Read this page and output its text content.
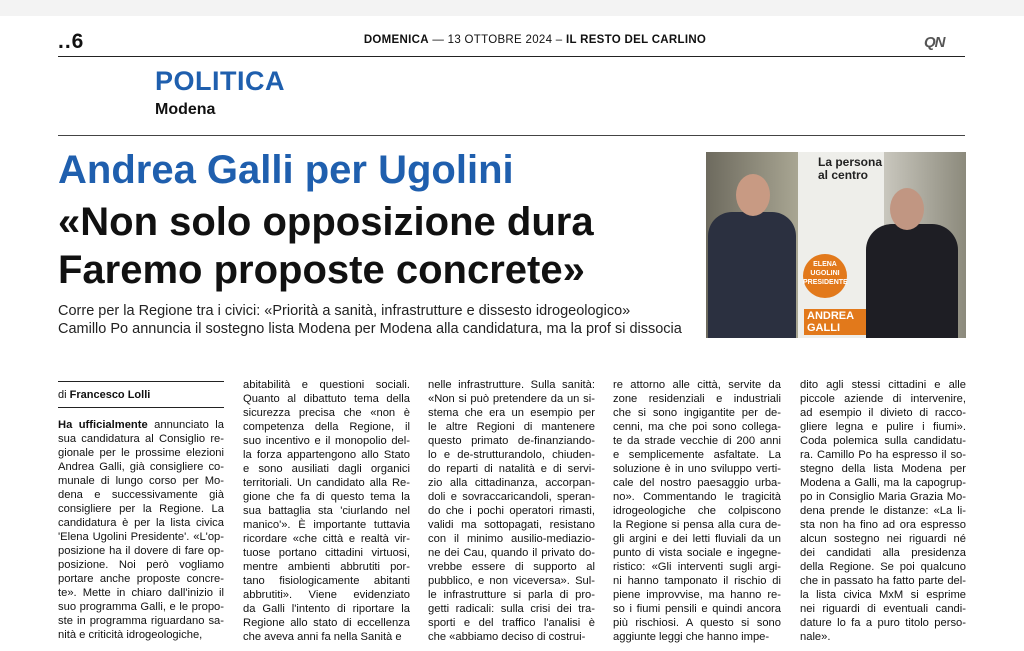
..6	DOMENICA — 13 OTTOBRE 2024 – IL RESTO DEL CARLINO	QN
POLITICA
Modena
Andrea Galli per Ugolini
«Non solo opposizione dura
Faremo proposte concrete»
Corre per la Regione tra i civici: «Priorità a sanità, infrastrutture e dissesto idrogeologico»
Camillo Po annuncia il sostegno lista Modena per Modena alla candidatura, ma la prof si dissocia
La persona
al centro
ELENA
UGOLINI
PRESIDENTE
ANDREA
GALLI
di Francesco Lolli
Ha ufficialmente annunciato la
sua candidatura al Consiglio re-
gionale per le prossime elezioni
Andrea Galli, già consigliere co-
munale di lungo corso per Mo-
dena e successivamente già
consigliere per la Regione. La
candidatura è per la lista civica
'Elena Ugolini Presidente'. «L'op-
posizione ha il dovere di fare op-
posizione. Noi però vogliamo
portare anche proposte concre-
te». Mette in chiaro dall'inizio il
suo programma Galli, e le propo-
ste in programma riguardano sa-
nità e criticità idrogeologiche,
abitabilità e questioni sociali.
Quanto al dibattuto tema della
sicurezza precisa che «non è
competenza della Regione, il
suo incentivo e il monopolio del-
la forza appartengono allo Stato
e sono ausiliati dagli organici
territoriali. Un candidato alla Re-
gione che fa di questo tema la
sua battaglia sta 'ciurlando nel
manico'». È importante tuttavia
ricordare «che città e realtà vir-
tuose portano cittadini virtuosi,
mentre ambienti abbrutiti por-
tano fisiologicamente abitanti
abbrutiti». Viene evidenziato
da Galli l'intento di riportare la
Regione allo stato di eccellenza
che aveva anni fa nella Sanità e
nelle infrastrutture. Sulla sanità:
«Non si può pretendere da un si-
stema che era un esempio per
le altre Regioni di mantenere
questo primato de-finanziando-
lo e de-strutturandolo, chiuden-
do reparti di natalità e di servi-
zio alla cittadinanza, accorpan-
doli e sovraccaricandoli, speran-
do che i pochi operatori rimasti,
validi ma sottopagati, resistano
con il minimo ausilio-mediazio-
ne dei Cau, quando il privato do-
vrebbe essere di supporto al
pubblico, e non viceversa». Sul-
le infrastrutture si parla di pro-
getti radicali: sulla crisi dei tra-
sporti e del traffico l'analisi è
che «abbiamo deciso di costrui-
re attorno alle città, servite da
zone residenziali e industriali
che si sono ingigantite per de-
cenni, ma che poi sono collega-
te da strade vecchie di 200 anni
e semplicemente asfaltate. La
soluzione è in uno sviluppo verti-
cale del nostro paesaggio urba-
no». Commentando le tragicità
idrogeologiche che colpiscono
la Regione si pensa alla cura de-
gli argini e dei letti fluviali da un
punto di vista sociale e ingegne-
ristico: «Gli interventi sugli argi-
ni hanno tamponato il rischio di
piene improvvise, ma hanno re-
so i fiumi pensili e quindi ancora
più rischiosi. A questo si sono
aggiunte leggi che hanno impe-
dito agli stessi cittadini e alle
piccole aziende di intervenire,
ad esempio il divieto di racco-
gliere legna e pulire i fiumi».
Coda polemica sulla candidatu-
ra. Camillo Po ha espresso il so-
stegno della lista Modena per
Modena a Galli, ma la capogrup-
po in Consiglio Maria Grazia Mo-
dena prende le distanze: «La li-
sta non ha fino ad ora espresso
alcun sostegno nei riguardi né
dei candidati alla presidenza
della Regione. Se poi qualcuno
che in passato ha fatto parte del-
la lista civica MxM si esprime
nei riguardi di eventuali candi-
dature lo fa a puro titolo perso-
nale».
